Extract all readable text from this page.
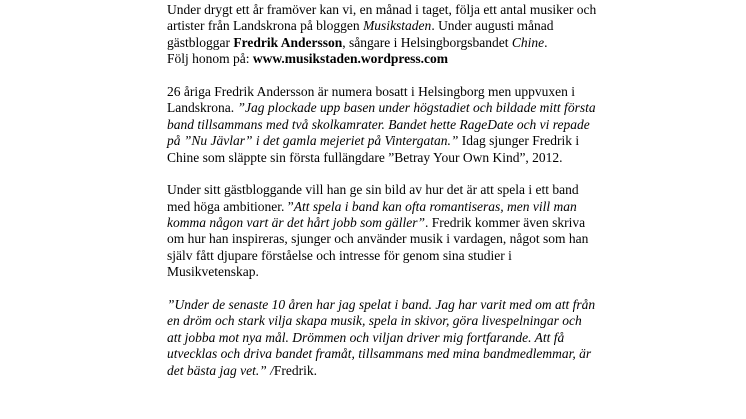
Under drygt ett år framöver kan vi, en månad i taget, följa ett antal musiker och
artister från Landskrona på bloggen Musikstaden. Under augusti månad
gästbloggar Fredrik Andersson, sångare i Helsingborgsbandet Chine.
Följ honom på: www.musikstaden.wordpress.com

26 åriga Fredrik Andersson är numera bosatt i Helsingborg men uppvuxen i
Landskrona. ”Jag plockade upp basen under högstadiet och bildade mitt första
band tillsammans med två skolkamrater. Bandet hette RageDate och vi repade
på ”Nu Jävlar” i det gamla mejeriet på Vintergatan.” Idag sjunger Fredrik i
Chine som släppte sin första fullängdare ”Betray Your Own Kind”, 2012.

Under sitt gästbloggande vill han ge sin bild av hur det är att spela i ett band
med höga ambitioner. ”Att spela i band kan ofta romantiseras, men vill man
komma någon vart är det hårt jobb som gäller”. Fredrik kommer även skriva
om hur han inspireras, sjunger och använder musik i vardagen, något som han
själv fått djupare förståelse och intresse för genom sina studier i
Musikvetenskap.

”Under de senaste 10 åren har jag spelat i band. Jag har varit med om att från
en dröm och stark vilja skapa musik, spela in skivor, göra livespelningar och
att jobba mot nya mål. Drömmen och viljan driver mig fortfarande. Att få
utvecklas och driva bandet framåt, tillsammans med mina bandmedlemmar, är
det bästa jag vet.” /Fredrik.
